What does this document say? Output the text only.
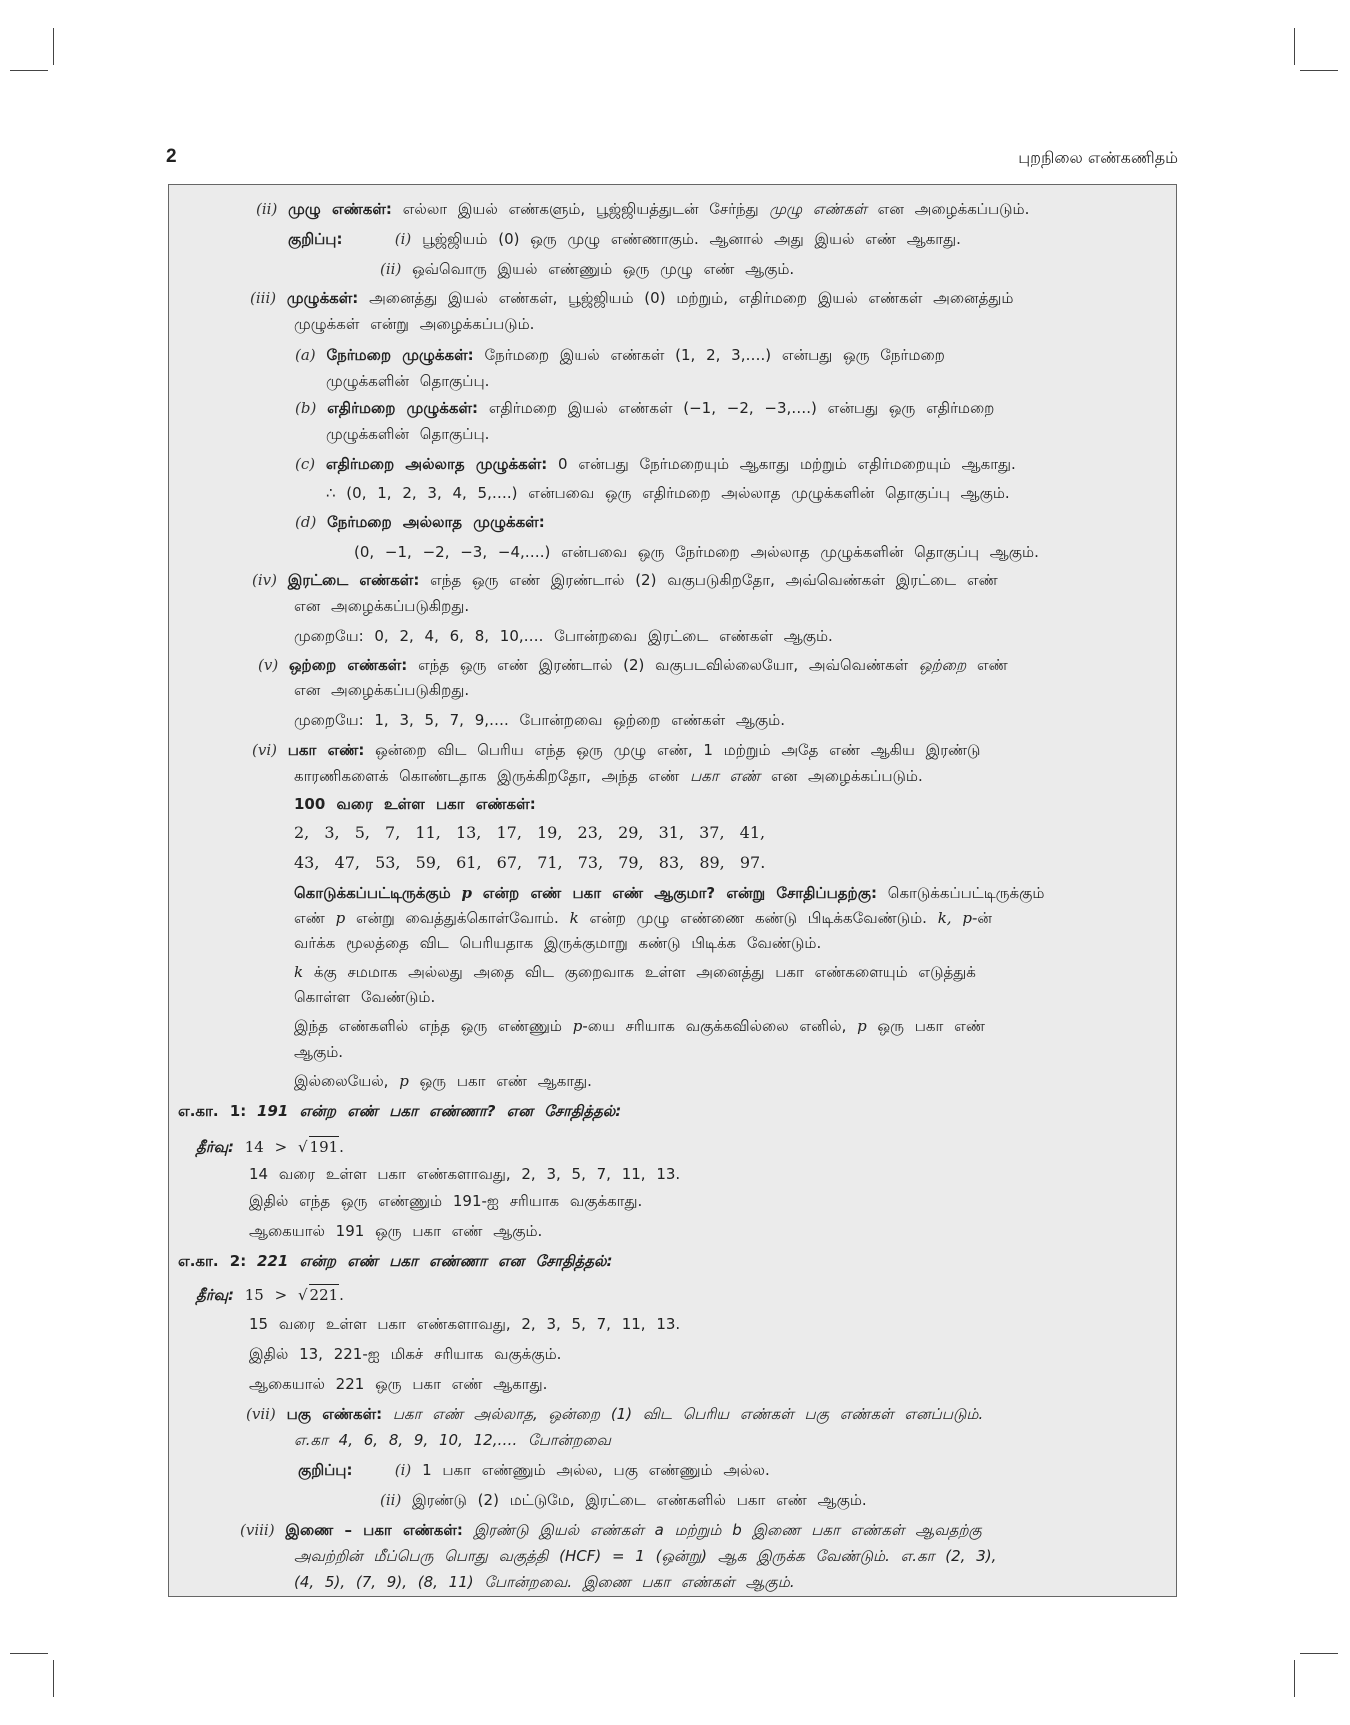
2	புறநிலை எண்கணிதம்
(ii) முழு எண்கள்: எல்லா இயல் எண்களும், பூஜ்ஜியத்துடன் சேர்ந்து முழு எண்கள் என அழைக்கப்படும்.
குறிப்பு:	(i) பூஜ்ஜியம் (0) ஒரு முழு எண்ணாகும். ஆனால் அது இயல் எண் ஆகாது.
(ii) ஒவ்வொரு இயல் எண்ணும் ஒரு முழு எண் ஆகும்.
(iii) முழுக்கள்: அனைத்து இயல் எண்கள், பூஜ்ஜியம் (0) மற்றும், எதிர்மறை இயல் எண்கள் அனைத்தும்
முழுக்கள் என்று அழைக்கப்படும்.
(a) நேர்மறை முழுக்கள்: நேர்மறை இயல் எண்கள் (1, 2, 3,….) என்பது ஒரு நேர்மறை
முழுக்களின் தொகுப்பு.
(b) எதிர்மறை முழுக்கள்: எதிர்மறை இயல் எண்கள் (−1, −2, −3,….) என்பது ஒரு எதிர்மறை
முழுக்களின் தொகுப்பு.
(c) எதிர்மறை அல்லாத முழுக்கள்: 0 என்பது நேர்மறையும் ஆகாது மற்றும் எதிர்மறையும் ஆகாது.
∴ (0, 1, 2, 3, 4, 5,….) என்பவை ஒரு எதிர்மறை அல்லாத முழுக்களின் தொகுப்பு ஆகும்.
(d) நேர்மறை அல்லாத முழுக்கள்:
(0, −1, −2, −3, −4,….) என்பவை ஒரு நேர்மறை அல்லாத முழுக்களின் தொகுப்பு ஆகும்.
(iv) இரட்டை எண்கள்: எந்த ஒரு எண் இரண்டால் (2) வகுபடுகிறதோ, அவ்வெண்கள் இரட்டை எண்
என அழைக்கப்படுகிறது.
முறையே: 0, 2, 4, 6, 8, 10,…. போன்றவை இரட்டை எண்கள் ஆகும்.
(v) ஒற்றை எண்கள்: எந்த ஒரு எண் இரண்டால் (2) வகுபடவில்லையோ, அவ்வெண்கள் ஒற்றை எண்
என அழைக்கப்படுகிறது.
முறையே: 1, 3, 5, 7, 9,…. போன்றவை ஒற்றை எண்கள் ஆகும்.
(vi) பகா எண்: ஒன்றை விட பெரிய எந்த ஒரு முழு எண், 1 மற்றும் அதே எண் ஆகிய இரண்டு
காரணிகளைக் கொண்டதாக இருக்கிறதோ, அந்த எண் பகா எண் என அழைக்கப்படும்.
100 வரை உள்ள பகா எண்கள்:
2, 3, 5, 7, 11, 13, 17, 19, 23, 29, 31, 37, 41,
43, 47, 53, 59, 61, 67, 71, 73, 79, 83, 89, 97.
கொடுக்கப்பட்டிருக்கும் p என்ற எண் பகா எண் ஆகுமா? என்று சோதிப்பதற்கு: கொடுக்கப்பட்டிருக்கும்
எண் p என்று வைத்துக்கொள்வோம். k என்ற முழு எண்ணை கண்டு பிடிக்கவேண்டும். k, p-ன்
வர்க்க மூலத்தை விட பெரியதாக இருக்குமாறு கண்டு பிடிக்க வேண்டும்.
k க்கு சமமாக அல்லது அதை விட குறைவாக உள்ள அனைத்து பகா எண்களையும் எடுத்துக்
கொள்ள வேண்டும்.
இந்த எண்களில் எந்த ஒரு எண்ணும் p-யை சரியாக வகுக்கவில்லை எனில், p ஒரு பகா எண்
ஆகும்.
இல்லையேல், p ஒரு பகா எண் ஆகாது.
எ.கா. 1: 191 என்ற எண் பகா எண்ணா? என சோதித்தல்:
தீர்வு: 14 > √ 191.
14 வரை உள்ள பகா எண்களாவது, 2, 3, 5, 7, 11, 13.
இதில் எந்த ஒரு எண்ணும் 191-ஐ சரியாக வகுக்காது.
ஆகையால் 191 ஒரு பகா எண் ஆகும்.
எ.கா. 2: 221 என்ற எண் பகா எண்ணா என சோதித்தல்:
தீர்வு: 15 > √ 221.
15 வரை உள்ள பகா எண்களாவது, 2, 3, 5, 7, 11, 13.
இதில் 13, 221-ஐ மிகச் சரியாக வகுக்கும்.
ஆகையால் 221 ஒரு பகா எண் ஆகாது.
(vii) பகு எண்கள்: பகா எண் அல்லாத, ஒன்றை (1) விட பெரிய எண்கள் பகு எண்கள் எனப்படும்.
எ.கா 4, 6, 8, 9, 10, 12,…. போன்றவை
குறிப்பு:	(i) 1 பகா எண்ணும் அல்ல, பகு எண்ணும் அல்ல.
(ii) இரண்டு (2) மட்டுமே, இரட்டை எண்களில் பகா எண் ஆகும்.
(viii) இணை – பகா எண்கள்: இரண்டு இயல் எண்கள் a மற்றும் b இணை பகா எண்கள் ஆவதற்கு
அவற்றின் மீப்பெரு பொது வகுத்தி (HCF) = 1 (ஒன்று) ஆக இருக்க வேண்டும். எ.கா (2, 3),
(4, 5), (7, 9), (8, 11) போன்றவை. இணை பகா எண்கள் ஆகும்.
